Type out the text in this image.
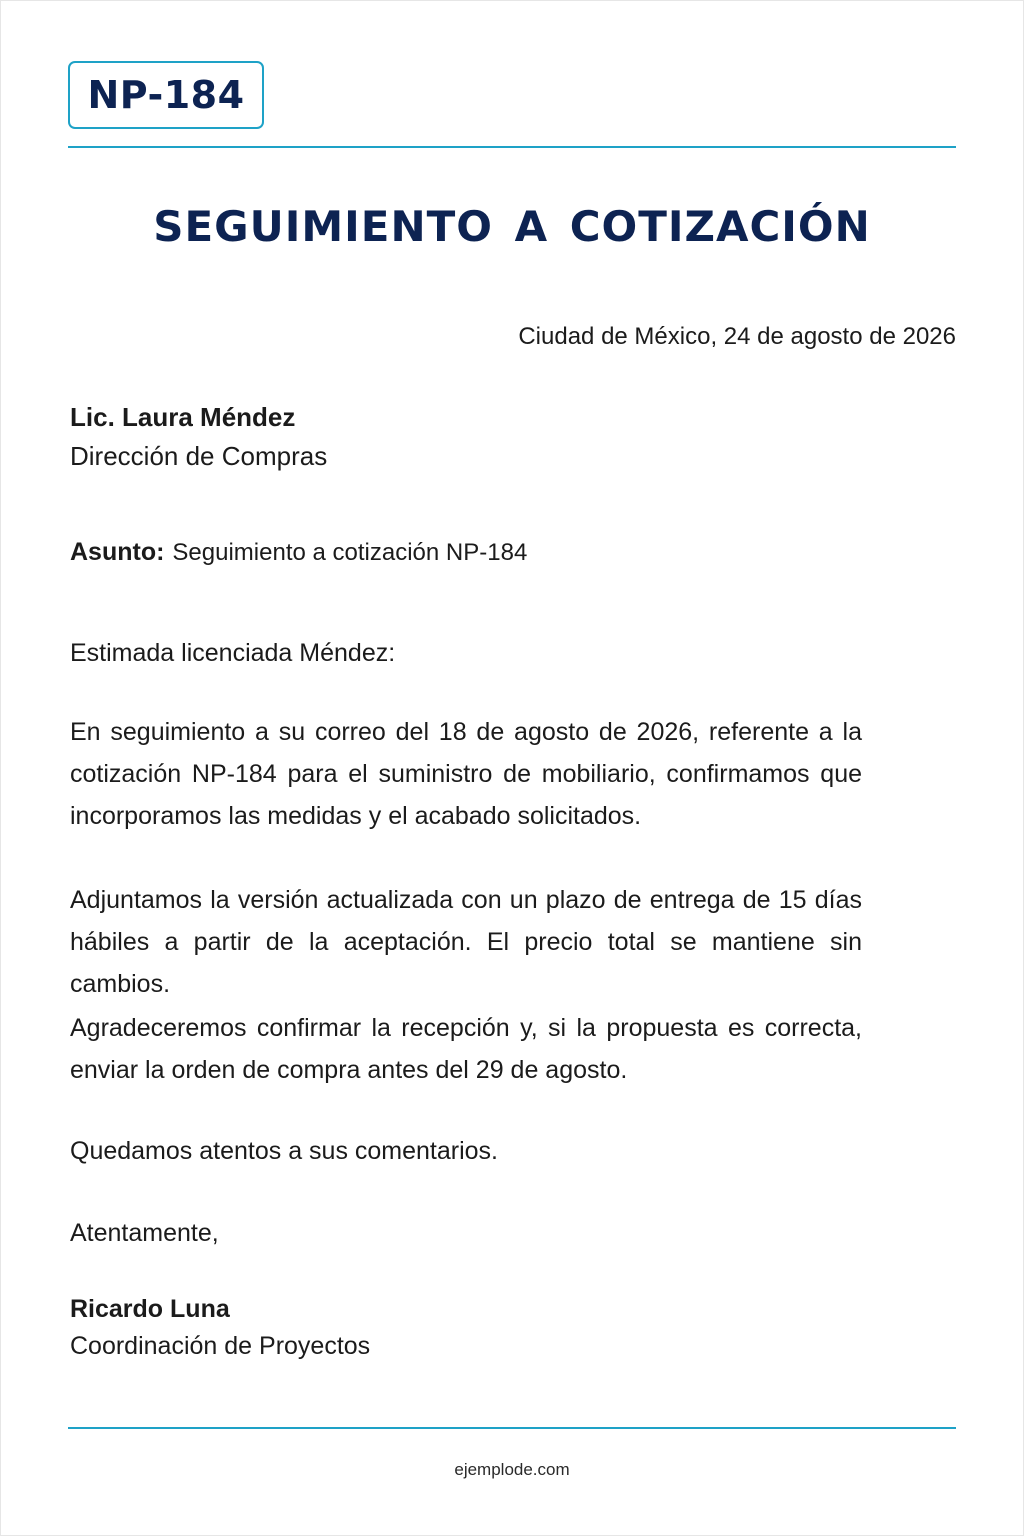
NP-184
SEGUIMIENTO A COTIZACIÓN
Ciudad de México, 24 de agosto de 2026
Lic. Laura Méndez
Dirección de Compras
Asunto: Seguimiento a cotización NP-184
Estimada licenciada Méndez:
En seguimiento a su correo del 18 de agosto de 2026, referente a la cotización NP-184 para el suministro de mobiliario, confirmamos que incorporamos las medidas y el acabado solicitados.
Adjuntamos la versión actualizada con un plazo de entrega de 15 días hábiles a partir de la aceptación. El precio total se mantiene sin cambios.
Agradeceremos confirmar la recepción y, si la propuesta es correcta, enviar la orden de compra antes del 29 de agosto.
Quedamos atentos a sus comentarios.
Atentamente,
Ricardo Luna
Coordinación de Proyectos
ejemplode.com
